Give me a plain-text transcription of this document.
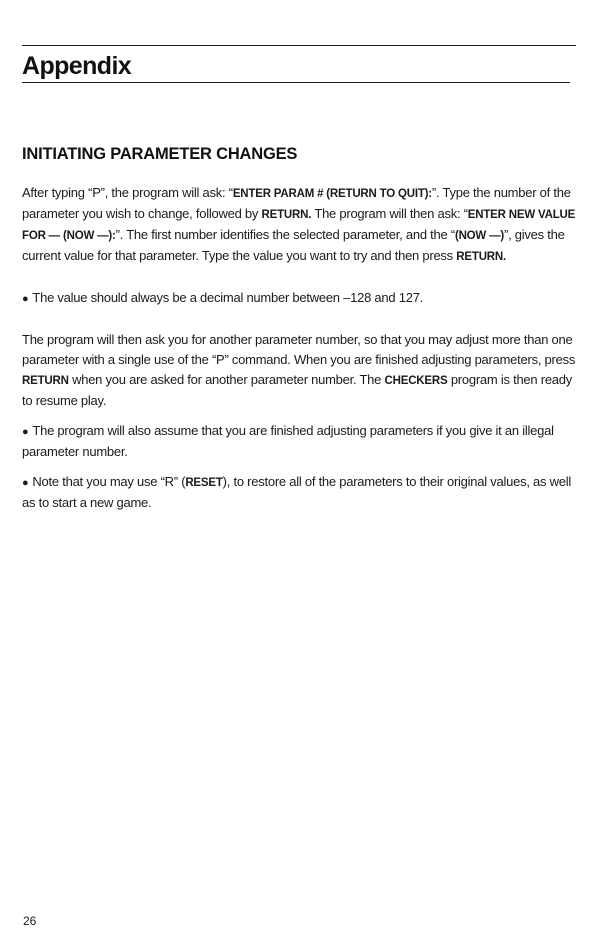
Appendix
INITIATING PARAMETER CHANGES

After typing “P”, the program will ask: “ENTER PARAM # (RETURN TO QUIT):”. Type the number of the parameter you wish to change, followed by RETURN. The program will then ask: “ENTER NEW VALUE FOR — (NOW —):”. The first number identifies the selected parameter, and the “(NOW —)”, gives the current value for that parameter. Type the value you want to try and then press RETURN.

● The value should always be a decimal number between –128 and 127.

The program will then ask you for another parameter number, so that you may adjust more than one parameter with a single use of the “P” command. When you are finished adjusting parameters, press RETURN when you are asked for another parameter number. The CHECKERS program is then ready to resume play.

● The program will also assume that you are finished adjusting parameters if you give it an illegal parameter number.

● Note that you may use “R” (RESET), to restore all of the parameters to their original values, as well as to start a new game.

26
